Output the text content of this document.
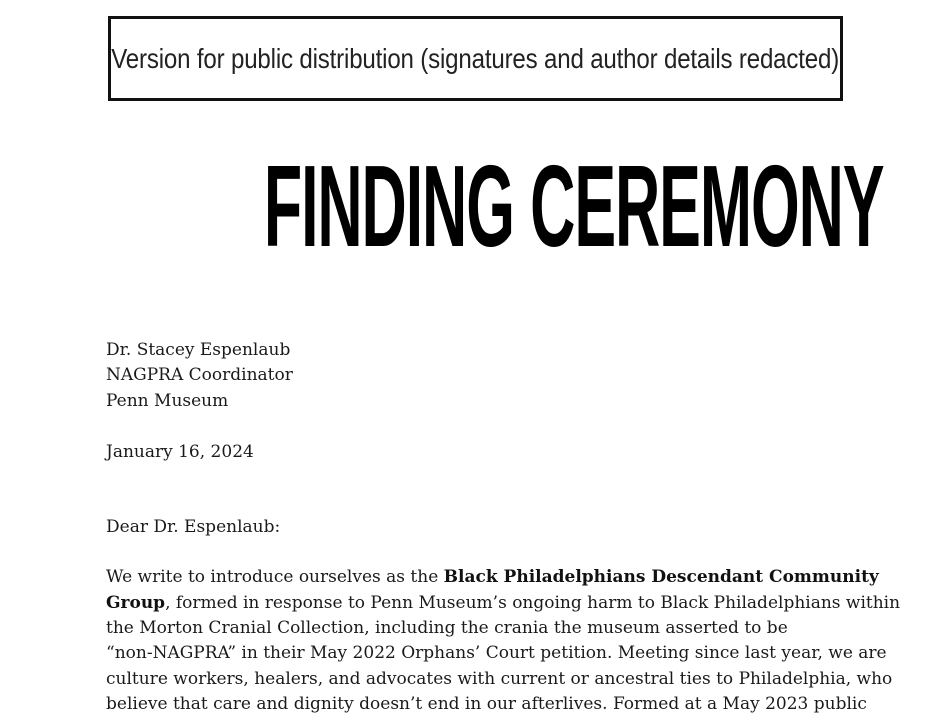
Version for public distribution (signatures and author details redacted)
FINDING CEREMONY

Dr. Stacey Espenlaub

NAGPRA Coordinator

Penn Museum

January 16, 2024

Dear Dr. Espenlaub:

We write to introduce ourselves as the Black Philadelphians Descendant Community
Group, formed in response to Penn Museum’s ongoing harm to Black Philadelphians within
the Morton Cranial Collection, including the crania the museum asserted to be
“non-NAGPRA” in their May 2022 Orphans’ Court petition. Meeting since last year, we are
culture workers, healers, and advocates with current or ancestral ties to Philadelphia, who
believe that care and dignity doesn’t end in our afterlives. Formed at a May 2023 public
